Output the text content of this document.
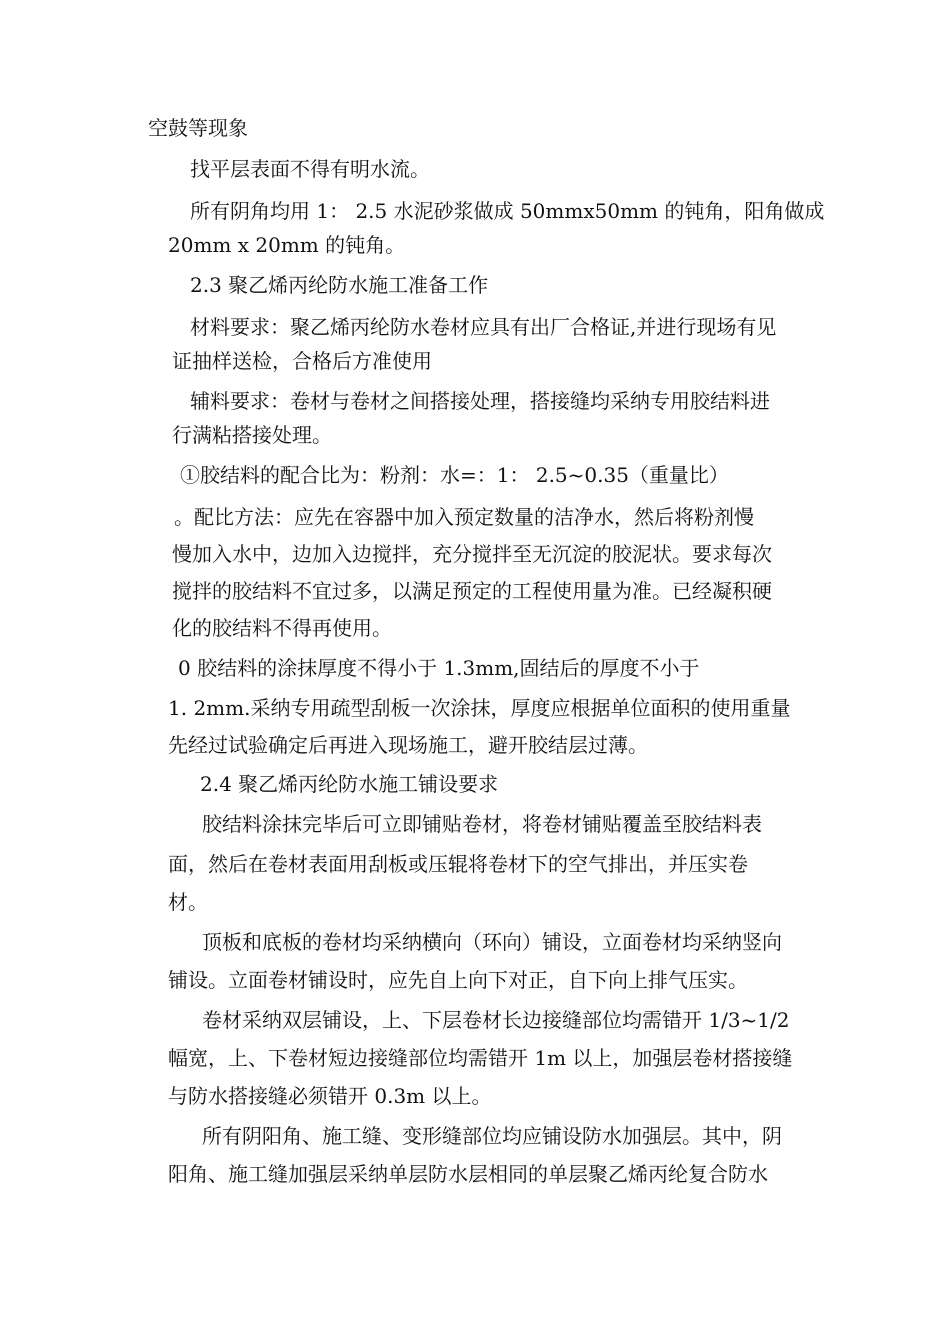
空鼓等现象
找平层表面不得有明水流。
所有阴角均用 1： 2.5 水泥砂浆做成 50mmx50mm 的钝角，阳角做成
20mm x 20mm 的钝角。
2.3 聚乙烯丙纶防水施工准备工作
材料要求：聚乙烯丙纶防水卷材应具有出厂合格证,并进行现场有见
证抽样送检，合格后方准使用
辅料要求：卷材与卷材之间搭接处理，搭接缝均采纳专用胶结料进
行满粘搭接处理。
①胶结料的配合比为：粉剂：水=：1： 2.5~0.35（重量比）
。配比方法：应先在容器中加入预定数量的洁净水，然后将粉剂慢
慢加入水中，边加入边搅拌，充分搅拌至无沉淀的胶泥状。要求每次
搅拌的胶结料不宜过多，以满足预定的工程使用量为准。已经凝积硬
化的胶结料不得再使用。
0 胶结料的涂抹厚度不得小于 1.3mm,固结后的厚度不小于
1. 2mm.采纳专用疏型刮板一次涂抹，厚度应根据单位面积的使用重量
先经过试验确定后再进入现场施工，避开胶结层过薄。
2.4 聚乙烯丙纶防水施工铺设要求
胶结料涂抹完毕后可立即铺贴卷材，将卷材铺贴覆盖至胶结料表
面，然后在卷材表面用刮板或压辊将卷材下的空气排出，并压实卷
材。
顶板和底板的卷材均采纳横向（环向）铺设，立面卷材均采纳竖向
铺设。立面卷材铺设时，应先自上向下对正，自下向上排气压实。
卷材采纳双层铺设，上、下层卷材长边接缝部位均需错开 1/3~1/2
幅宽，上、下卷材短边接缝部位均需错开 1m 以上，加强层卷材搭接缝
与防水搭接缝必须错开 0.3m 以上。
所有阴阳角、施工缝、变形缝部位均应铺设防水加强层。其中，阴
阳角、施工缝加强层采纳单层防水层相同的单层聚乙烯丙纶复合防水
